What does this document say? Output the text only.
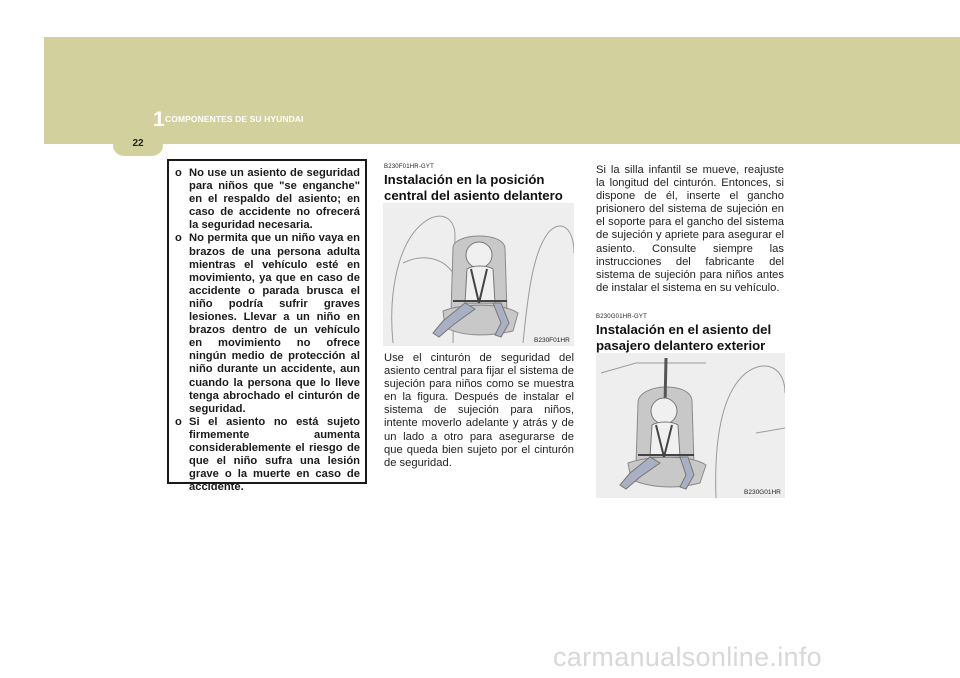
1 COMPONENTES DE SU HYUNDAI
22
o No use un asiento de seguridad para niños que "se enganche" en el respaldo del asiento; en caso de accidente no ofrecerá la seguridad necesaria.
o No permita que un niño vaya en brazos de una persona adulta mientras el vehículo esté en movimiento, ya que en caso de accidente o parada brusca el niño podría sufrir graves lesiones. Llevar a un niño en brazos dentro de un vehículo en movimiento no ofrece ningún medio de protección al niño durante un accidente, aun cuando la persona que lo lleve tenga abrochado el cinturón de seguridad.
o Si el asiento no está sujeto firmemente aumenta considerablemente el riesgo de que el niño sufra una lesión grave o la muerte en caso de accidente.
B230F01HR-GYT
Instalación en la posición central del asiento delantero
B230F01HR
Use el cinturón de seguridad del asiento central para fijar el sistema de sujeción para niños como se muestra en la figura. Después de instalar el sistema de sujeción para niños, intente moverlo adelante y atrás y de un lado a otro para asegurarse de que queda bien sujeto por el cinturón de seguridad.
Si la silla infantil se mueve, reajuste la longitud del cinturón. Entonces, si dispone de él, inserte el gancho prisionero del sistema de sujeción en el soporte para el gancho del sistema de sujeción y apriete para asegurar el asiento. Consulte siempre las instrucciones del fabricante del sistema de sujeción para niños antes de instalar el sistema en su vehículo.
B230G01HR-GYT
Instalación en el asiento del pasajero delantero exterior
B230G01HR
carmanualsonline.info
